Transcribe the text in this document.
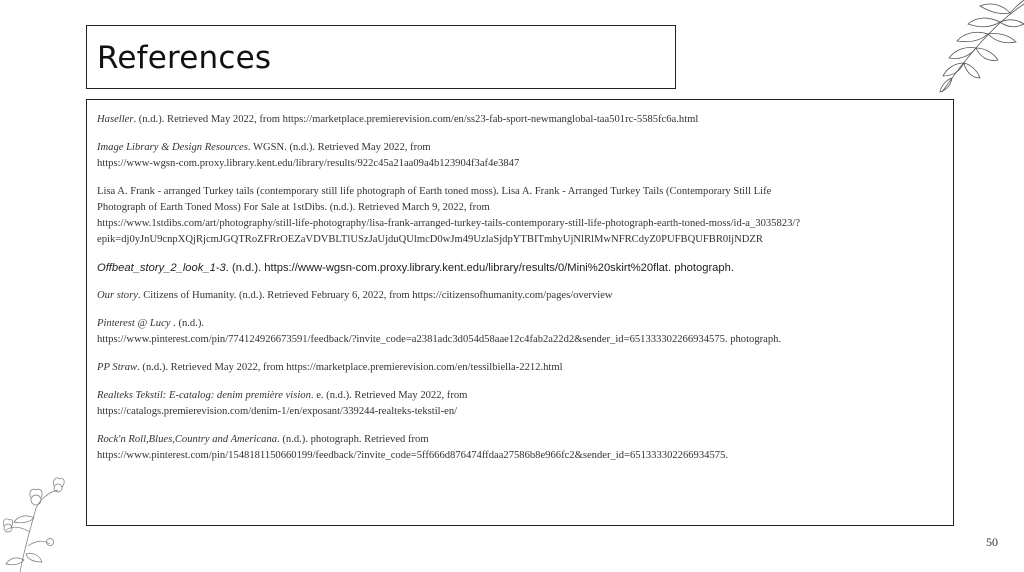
References

Haseller. (n.d.). Retrieved May 2022, from https://marketplace.premierevision.com/en/ss23-fab-sport-newmanglobal-taa501rc-5585fc6a.html

Image Library & Design Resources. WGSN. (n.d.). Retrieved May 2022, from
https://www-wgsn-com.proxy.library.kent.edu/library/results/922c45a21aa09a4b123904f3af4e3847

Lisa A. Frank - arranged Turkey tails (contemporary still life photograph of Earth toned moss). Lisa A. Frank - Arranged Turkey Tails (Contemporary Still Life
Photograph of Earth Toned Moss) For Sale at 1stDibs. (n.d.). Retrieved March 9, 2022, from
https://www.1stdibs.com/art/photography/still-life-photography/lisa-frank-arranged-turkey-tails-contemporary-still-life-photograph-earth-toned-moss/id-a_3035823/?
epik=dj0yJnU9cnpXQjRjcmJGQTRoZFRrOEZaVDVBLTlUSzJaUjduQUlmcD0wJm49UzlaSjdpYTBITmhyUjNlRlMwNFRCdyZ0PUFBQUFBR0ljNDZR

Offbeat_story_2_look_1-3. (n.d.). https://www-wgsn-com.proxy.library.kent.edu/library/results/0/Mini%20skirt%20flat. photograph.

Our story. Citizens of Humanity. (n.d.). Retrieved February 6, 2022, from https://citizensofhumanity.com/pages/overview

Pinterest @ Lucy . (n.d.).
https://www.pinterest.com/pin/774124926673591/feedback/?invite_code=a2381adc3d054d58aae12c4fab2a22d2&sender_id=651333302266934575. photograph.

PP Straw. (n.d.). Retrieved May 2022, from https://marketplace.premierevision.com/en/tessilbiella-2212.html

Realteks Tekstil: E-catalog: denim première vision. e. (n.d.). Retrieved May 2022, from
https://catalogs.premierevision.com/denim-1/en/exposant/339244-realteks-tekstil-en/

Rock'n Roll,Blues,Country and Americana. (n.d.). photograph. Retrieved from
https://www.pinterest.com/pin/1548181150660199/feedback/?invite_code=5ff666d876474ffdaa27586b8e966fc2&sender_id=651333302266934575.

50
